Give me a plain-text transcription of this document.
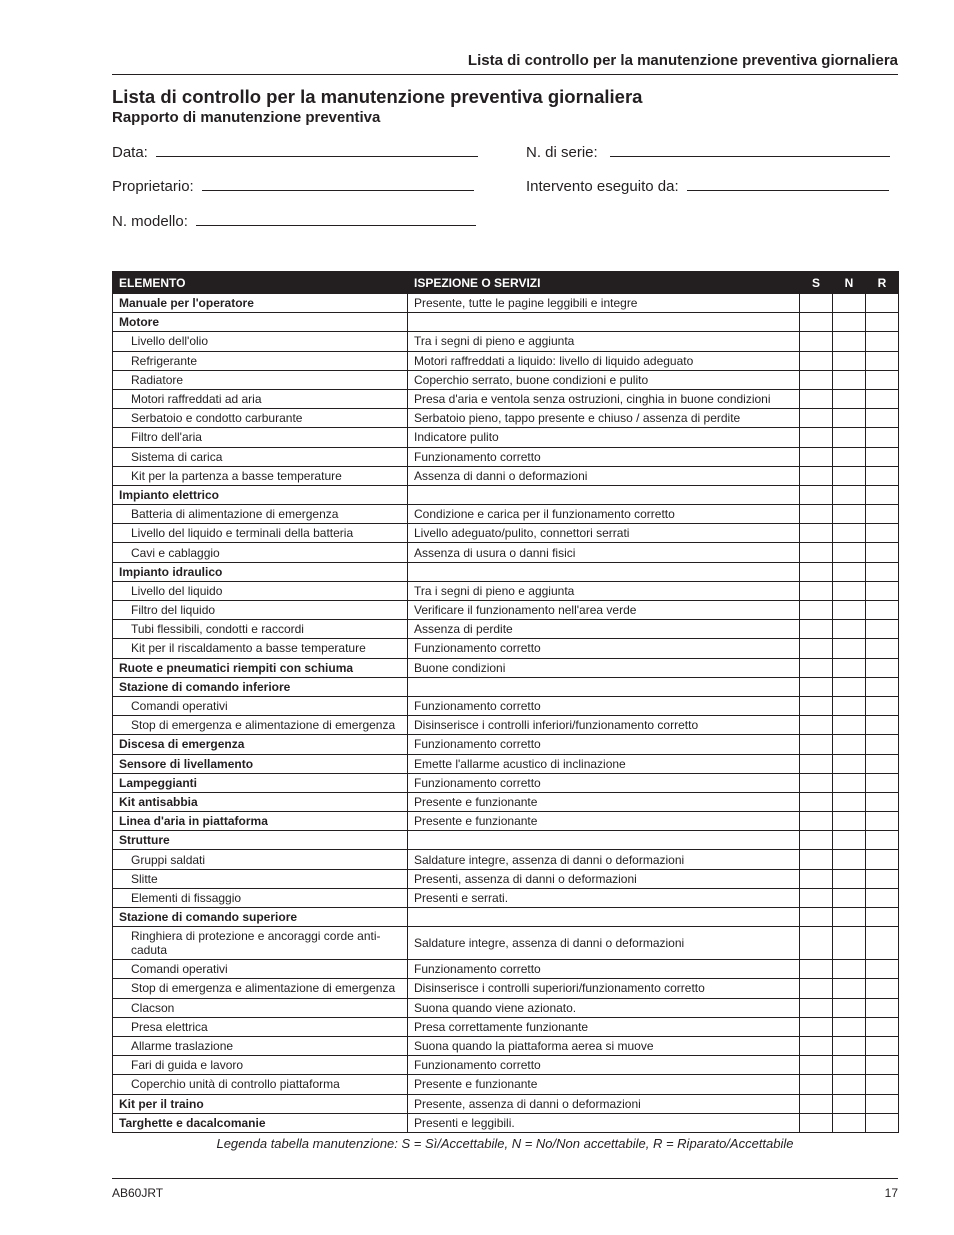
Lista di controllo per la manutenzione preventiva giornaliera
Lista di controllo per la manutenzione preventiva giornaliera
Rapporto di manutenzione preventiva
Data:
Proprietario:
N. modello:
N. di serie:
Intervento eseguito da:
ELEMENTO	ISPEZIONE O SERVIZI	S	N	R
Manuale per l'operatore	Presente, tutte le pagine leggibili e integre			
Motore				
Livello dell'olio	Tra i segni di pieno e aggiunta			
Refrigerante	Motori raffreddati a liquido: livello di liquido adeguato			
Radiatore	Coperchio serrato, buone condizioni e pulito			
Motori raffreddati ad aria	Presa d'aria e ventola senza ostruzioni, cinghia in buone condizioni			
Serbatoio e condotto carburante	Serbatoio pieno, tappo presente e chiuso / assenza di perdite			
Filtro dell'aria	Indicatore pulito			
Sistema di carica	Funzionamento corretto			
Kit per la partenza a basse temperature	Assenza di danni o deformazioni			
Impianto elettrico				
Batteria di alimentazione di emergenza	Condizione e carica per il funzionamento corretto			
Livello del liquido e terminali della batteria	Livello adeguato/pulito, connettori serrati			
Cavi e cablaggio	Assenza di usura o danni fisici			
Impianto idraulico				
Livello del liquido	Tra i segni di pieno e aggiunta			
Filtro del liquido	Verificare il funzionamento nell'area verde			
Tubi flessibili, condotti e raccordi	Assenza di perdite			
Kit per il riscaldamento a basse temperature	Funzionamento corretto			
Ruote e pneumatici riempiti con schiuma	Buone condizioni			
Stazione di comando inferiore				
Comandi operativi	Funzionamento corretto			
Stop di emergenza e alimentazione di emergenza	Disinserisce i controlli inferiori/funzionamento corretto			
Discesa di emergenza	Funzionamento corretto			
Sensore di livellamento	Emette l'allarme acustico di inclinazione			
Lampeggianti	Funzionamento corretto			
Kit antisabbia	Presente e funzionante			
Linea d'aria in piattaforma	Presente e funzionante			
Strutture				
Gruppi saldati	Saldature integre, assenza di danni o deformazioni			
Slitte	Presenti, assenza di danni o deformazioni			
Elementi di fissaggio	Presenti e serrati.			
Stazione di comando superiore				
Ringhiera di protezione e ancoraggi corde anti-caduta	Saldature integre, assenza di danni o deformazioni			
Comandi operativi	Funzionamento corretto			
Stop di emergenza e alimentazione di emergenza	Disinserisce i controlli superiori/funzionamento corretto			
Clacson	Suona quando viene azionato.			
Presa elettrica	Presa correttamente funzionante			
Allarme traslazione	Suona quando la piattaforma aerea si muove			
Fari di guida e lavoro	Funzionamento corretto			
Coperchio unità di controllo piattaforma	Presente e funzionante			
Kit per il traino	Presente, assenza di danni o deformazioni			
Targhette e dacalcomanie	Presenti e leggibili.			
Legenda tabella manutenzione: S = Sì/Accettabile, N = No/Non accettabile, R = Riparato/Accettabile
AB60JRT	17
